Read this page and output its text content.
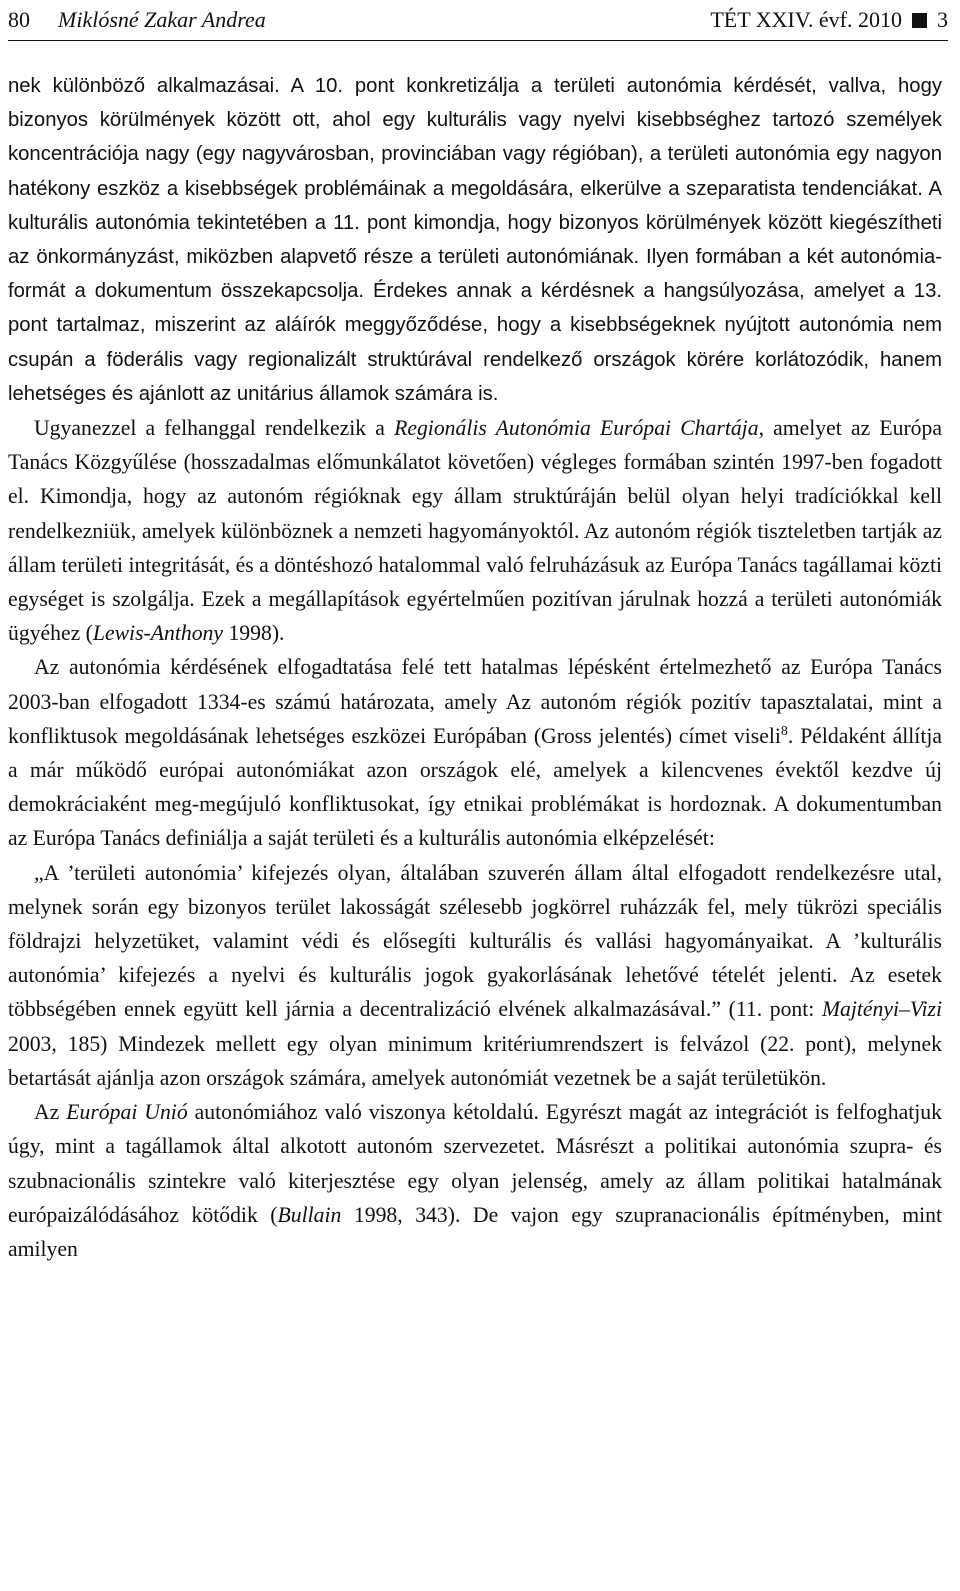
80	Miklósné Zakar Andrea	TÉT XXIV. évf. 2010 3

nek különböző alkalmazásai. A 10. pont konkretizálja a területi autonómia kérdését, vallva, hogy bizonyos körülmények között ott, ahol egy kulturális vagy nyelvi kisebbséghez tartozó személyek koncentrációja nagy (egy nagyvárosban, provinciában vagy régióban), a területi autonómia egy nagyon hatékony eszköz a kisebbségek problémáinak a megoldására, elkerülve a szeparatista tendenciákat. A kulturális autonómia tekintetében a 11. pont kimondja, hogy bizonyos körülmények között kiegészítheti az önkormányzást, miközben alapvető része a területi autonómiának. Ilyen formában a két autonómia-formát a dokumentum összekapcsolja. Érdekes annak a kérdésnek a hangsúlyozása, amelyet a 13. pont tartalmaz, miszerint az aláírók meggyőződése, hogy a kisebbségeknek nyújtott autonómia nem csupán a föderális vagy regionalizált struktúrával rendelkező országok körére korlátozódik, hanem lehetséges és ajánlott az unitárius államok számára is.

Ugyanezzel a felhanggal rendelkezik a Regionális Autonómia Európai Chartája, amelyet az Európa Tanács Közgyűlése (hosszadalmas előmunkálatot követően) végleges formában szintén 1997-ben fogadott el. Kimondja, hogy az autonóm régióknak egy állam struktúráján belül olyan helyi tradíciókkal kell rendelkezniük, amelyek különböznek a nemzeti hagyományoktól. Az autonóm régiók tiszteletben tartják az állam területi integritását, és a döntéshozó hatalommal való felruházásuk az Európa Tanács tagállamai közti egységet is szolgálja. Ezek a megállapítások egyértelműen pozitívan járulnak hozzá a területi autonómiák ügyéhez (Lewis-Anthony 1998).

Az autonómia kérdésének elfogadtatása felé tett hatalmas lépésként értelmezhető az Európa Tanács 2003-ban elfogadott 1334-es számú határozata, amely Az autonóm régiók pozitív tapasztalatai, mint a konfliktusok megoldásának lehetséges eszközei Európában (Gross jelentés) címet viseli$^8$. Példaként állítja a már működő európai autonómiákat azon országok elé, amelyek a kilencvenes évektől kezdve új demokráciaként meg-megújuló konfliktusokat, így etnikai problémákat is hordoznak. A dokumentumban az Európa Tanács definiálja a saját területi és a kulturális autonómia elképzelését:

„A ’területi autonómia’ kifejezés olyan, általában szuverén állam által elfogadott rendelkezésre utal, melynek során egy bizonyos terület lakosságát szélesebb jogkörrel ruházzák fel, mely tükrözi speciális földrajzi helyzetüket, valamint védi és elősegíti kulturális és vallási hagyományaikat. A ’kulturális autonómia’ kifejezés a nyelvi és kulturális jogok gyakorlásának lehetővé tételét jelenti. Az esetek többségében ennek együtt kell járnia a decentralizáció elvének alkalmazásával.” (11. pont: Majtényi–Vizi 2003, 185) Mindezek mellett egy olyan minimum kritériumrendszert is felvázol (22. pont), melynek betartását ajánlja azon országok számára, amelyek autonómiát vezetnek be a saját területükön.

Az Európai Unió autonómiához való viszonya kétoldalú. Egyrészt magát az integrációt is felfoghatjuk úgy, mint a tagállamok által alkotott autonóm szervezetet. Másrészt a politikai autonómia szupra- és szubnacionális szintekre való kiterjesztése egy olyan jelenség, amely az állam politikai hatalmának európaizálódásához kötődik (Bullain 1998, 343). De vajon egy szupranacionális építményben, mint amilyen
